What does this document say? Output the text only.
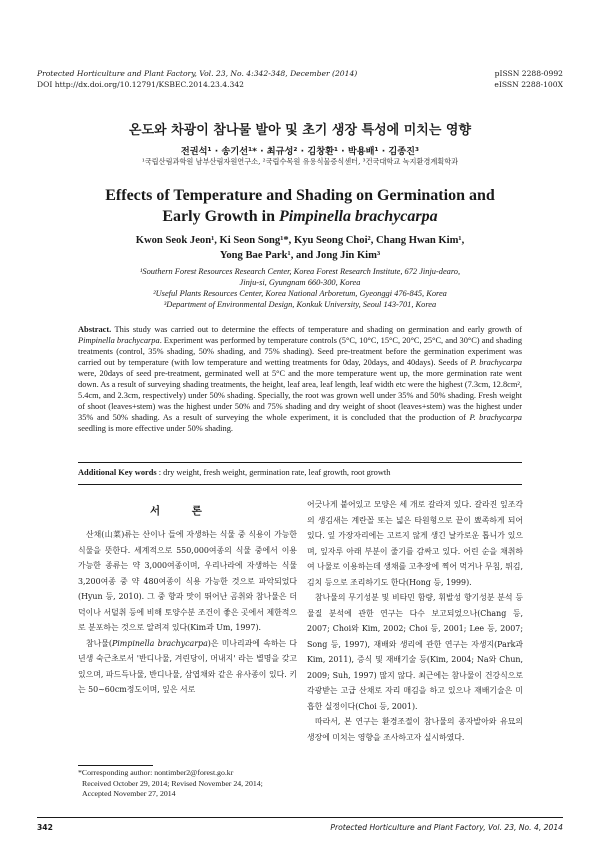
Protected Horticulture and Plant Factory, Vol. 23, No. 4:342-348, December (2014)
DOI http://dx.doi.org/10.12791/KSBEC.2014.23.4.342
pISSN 2288-0992
eISSN 2288-100X
온도와 차광이 참나물 발아 및 초기 생장 특성에 미치는 영향
전권석¹ · 송기선¹* · 최규성² · 김창환¹ · 박용배¹ · 김종진³
¹국립산림과학원 남부산림자원연구소, ²국립수목원 유용식물증식센터, ³건국대학교 녹지환경계획학과
Effects of Temperature and Shading on Germination and
Early Growth in Pimpinella brachycarpa
Kwon Seok Jeon¹, Ki Seon Song¹*, Kyu Seong Choi², Chang Hwan Kim¹,
Yong Bae Park¹, and Jong Jin Kim³
¹Southern Forest Resources Research Center, Korea Forest Research Institute, 672 Jinju-dearo,
Jinju-si, Gyungnam 660-300, Korea
²Useful Plants Resources Center, Korea National Arboretum, Gyeonggi 476-845, Korea
³Department of Environmental Design, Konkuk University, Seoul 143-701, Korea
Abstract. This study was carried out to determine the effects of temperature and shading on germination and early growth of Pimpinella brachycarpa. Experiment was performed by temperature controls (5°C, 10°C, 15°C, 20°C, 25°C, and 30°C) and shading treatments (control, 35% shading, 50% shading, and 75% shading). Seed pre-treatment before the germination experiment was carried out by temperature (with low temperature and wetting treatments for 0day, 20days, and 40days). Seeds of P. brachycarpa were, 20days of seed pre-treatment, germinated well at 5°C and the more temperature went up, the more germination rate went down. As a result of surveying shading treatments, the height, leaf area, leaf length, leaf width etc were the highest (7.3cm, 12.8cm², 5.4cm, and 2.3cm, respectively) under 50% shading. Specially, the root was grown well under 35% and 50% shading. Fresh weight of shoot (leaves+stem) was the highest under 50% and 75% shading and dry weight of shoot (leaves+stem) was the highest under 35% and 50% shading. As a result of surveying the whole experiment, it is concluded that the production of P. brachycarpa seedling is more effective under 50% shading.
Additional Key words : dry weight, fresh weight, germination rate, leaf growth, root growth
서 론

산채(山菜)류는 산이나 들에 자생하는 식물 중 식용이 가능한 식물을 뜻한다. 세계적으로 550,000여종의 식물 중에서 이용 가능한 종류는 약 3,000여종이며, 우리나라에 자생하는 식물 3,200여종 중 약 480여종이 식용 가능한 것으로 파악되었다(Hyun 등, 2010). 그 중 향과 맛이 뛰어난 곰취와 참나물은 더덕이나 서덜취 등에 비해 토양수분 조건이 좋은 곳에서 제한적으로 분포하는 것으로 알려져 있다(Kim과 Um, 1997).

참나물(Pimpinella brachycarpa)은 미나리과에 속하는 다년생 숙근초로서 '반디나물, 겨린당이, 머내지' 라는 별명을 갖고 있으며, 파드득나물, 반디나물, 삼엽채와 같은 유사종이 있다. 키는 50~60cm정도이며, 잎은 서로

어긋나게 붙어있고 모양은 세 개로 갈라져 있다. 갈라진 잎조각의 생김새는 계란꼴 또는 넓은 타원형으로 끝이 뾰족하게 되어있다. 잎 가장자리에는 고르지 않게 생긴 날카로운 톱니가 있으며, 잎자루 아래 부분이 줄기를 감싸고 있다. 어린 순을 채취하여 나물로 이용하는데 생채를 고추장에 찍어 먹거나 무침, 튀김, 김치 등으로 조리하기도 한다(Hong 등, 1999).

참나물의 무기성분 및 비타민 함량, 휘발성 향기성분 분석 등 물질 분석에 관한 연구는 다수 보고되었으나(Chang 등, 2007; Choi와 Kim, 2002; Choi 등, 2001; Lee 등, 2007; Song 등, 1997), 재배와 생리에 관한 연구는 자생지(Park과 Kim, 2011), 증식 및 재배기술 등(Kim, 2004; Na와 Chun, 2009; Suh, 1997) 많지 않다. 최근에는 참나물이 건강식으로 각광받는 고급 산채로 자리 매김을 하고 있으나 재배기술은 미흡한 실정이다(Choi 등, 2001).

따라서, 본 연구는 환경조절이 참나물의 종자발아와 유묘의 생장에 미치는 영향을 조사하고자 실시하였다.

*Corresponding author: nontimber2@forest.go.kr
Received October 29, 2014; Revised November 24, 2014;
Accepted November 27, 2014
342	Protected Horticulture and Plant Factory, Vol. 23, No. 4, 2014
